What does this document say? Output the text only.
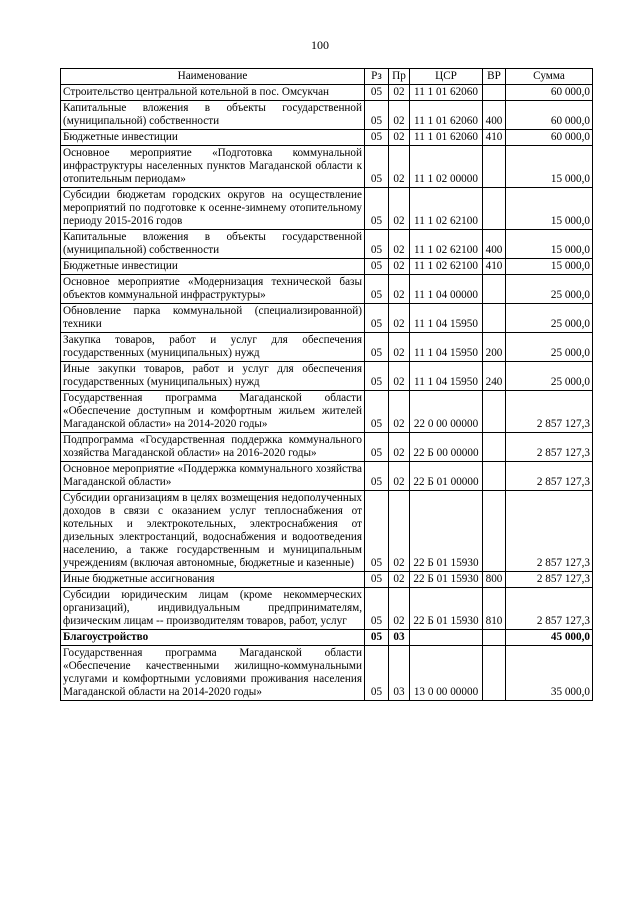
100
Наименование	Рз	Пр	ЦСР	ВР	Сумма
Строительство центральной котельной в пос. Омсукчан	05	02	11 1 01 62060		60 000,0
Капитальные вложения в объекты государственной (муниципальной) собственности	05	02	11 1 01 62060	400	60 000,0
Бюджетные инвестиции	05	02	11 1 01 62060	410	60 000,0
Основное мероприятие «Подготовка коммунальной инфраструктуры населенных пунктов Магаданской области к отопительным периодам»	05	02	11 1 02 00000		15 000,0
Субсидии бюджетам городских округов на осуществление мероприятий по подготовке к осенне-зимнему отопительному периоду 2015-2016 годов	05	02	11 1 02 62100		15 000,0
Капитальные вложения в объекты государственной (муниципальной) собственности	05	02	11 1 02 62100	400	15 000,0
Бюджетные инвестиции	05	02	11 1 02 62100	410	15 000,0
Основное мероприятие «Модернизация технической базы объектов коммунальной инфраструктуры»	05	02	11 1 04 00000		25 000,0
Обновление парка коммунальной (специализированной) техники	05	02	11 1 04 15950		25 000,0
Закупка товаров, работ и услуг для обеспечения государственных (муниципальных) нужд	05	02	11 1 04 15950	200	25 000,0
Иные закупки товаров, работ и услуг для обеспечения государственных (муниципальных) нужд	05	02	11 1 04 15950	240	25 000,0
Государственная программа Магаданской области «Обеспечение доступным и комфортным жильем жителей Магаданской области» на 2014-2020 годы»	05	02	22 0 00 00000		2 857 127,3
Подпрограмма «Государственная поддержка коммунального хозяйства Магаданской области» на 2016-2020 годы»	05	02	22 Б 00 00000		2 857 127,3
Основное мероприятие «Поддержка коммунального хозяйства Магаданской области»	05	02	22 Б 01 00000		2 857 127,3
Субсидии организациям в целях возмещения недополученных доходов в связи с оказанием услуг теплоснабжения от котельных и электрокотельных, электроснабжения от дизельных электростанций, водоснабжения и водоотведения населению, а также государственным и муниципальным учреждениям (включая автономные, бюджетные и казенные)	05	02	22 Б 01 15930		2 857 127,3
Иные бюджетные ассигнования	05	02	22 Б 01 15930	800	2 857 127,3
Субсидии юридическим лицам (кроме некоммерческих организаций), индивидуальным предпринимателям, физическим лицам -- производителям товаров, работ, услуг	05	02	22 Б 01 15930	810	2 857 127,3
Благоустройство	05	03			45 000,0
Государственная программа Магаданской области «Обеспечение качественными жилищно-коммунальными услугами и комфортными условиями проживания населения Магаданской области на 2014-2020 годы»	05	03	13 0 00 00000		35 000,0
